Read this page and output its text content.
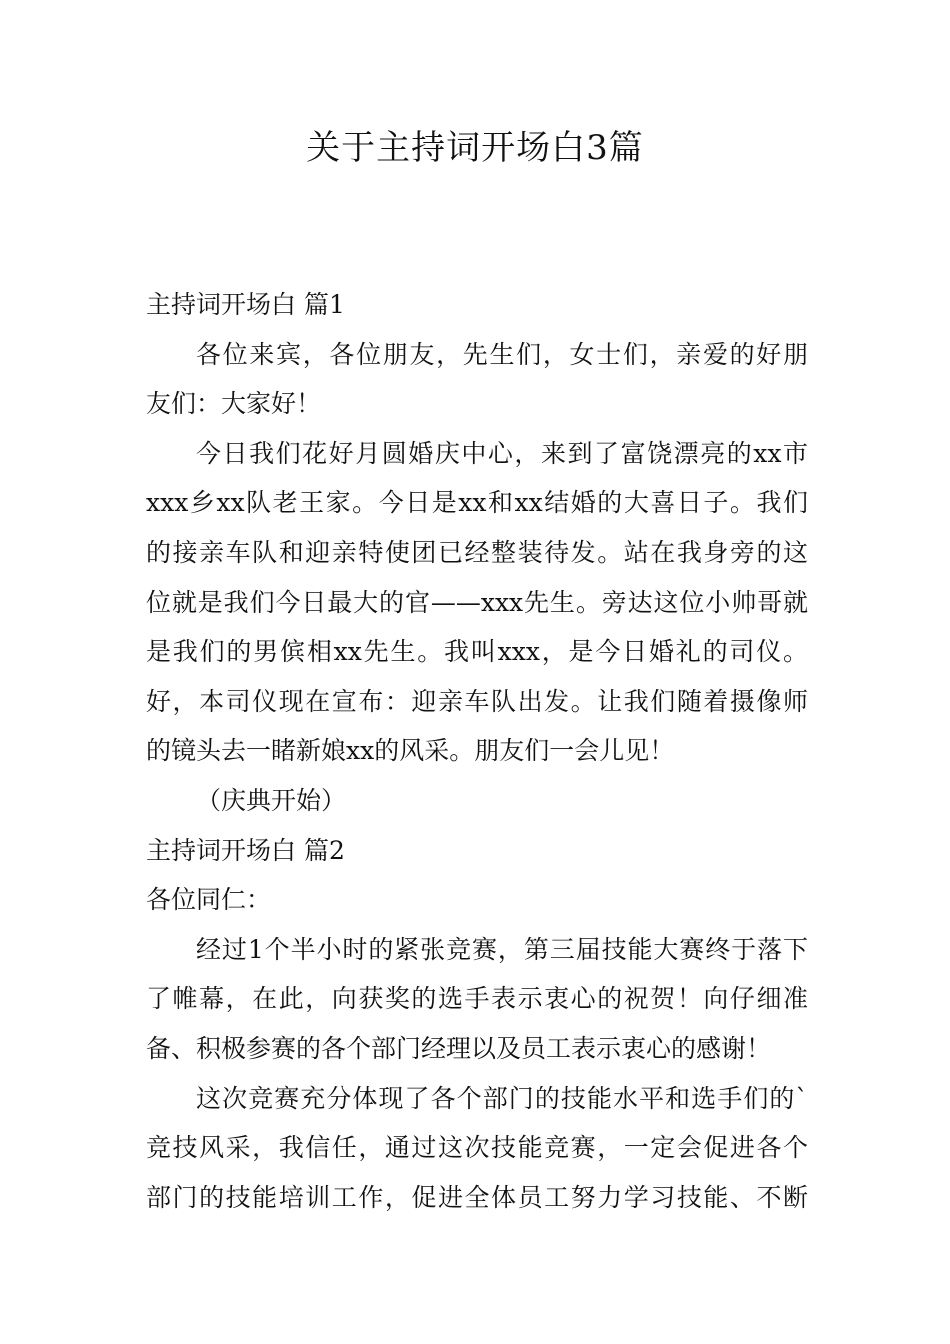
关于主持词开场白3篇
主持词开场白 篇1
各位来宾，各位朋友，先生们，女士们，亲爱的好朋
友们：大家好！
今日我们花好月圆婚庆中心，来到了富饶漂亮的xx市
xxx乡xx队老王家。今日是xx和xx结婚的大喜日子。我们
的接亲车队和迎亲特使团已经整装待发。站在我身旁的这
位就是我们今日最大的官——xxx先生。旁达这位小帅哥就
是我们的男傧相xx先生。我叫xxx，是今日婚礼的司仪。
好，本司仪现在宣布：迎亲车队出发。让我们随着摄像师
的镜头去一睹新娘xx的风采。朋友们一会儿见！
（庆典开始）
主持词开场白 篇2
各位同仁：
经过1个半小时的紧张竞赛，第三届技能大赛终于落下
了帷幕，在此，向获奖的选手表示衷心的祝贺！向仔细准
备、积极参赛的各个部门经理以及员工表示衷心的感谢！
这次竞赛充分体现了各个部门的技能水平和选手们的`
竞技风采，我信任，通过这次技能竞赛，一定会促进各个
部门的技能培训工作，促进全体员工努力学习技能、不断
